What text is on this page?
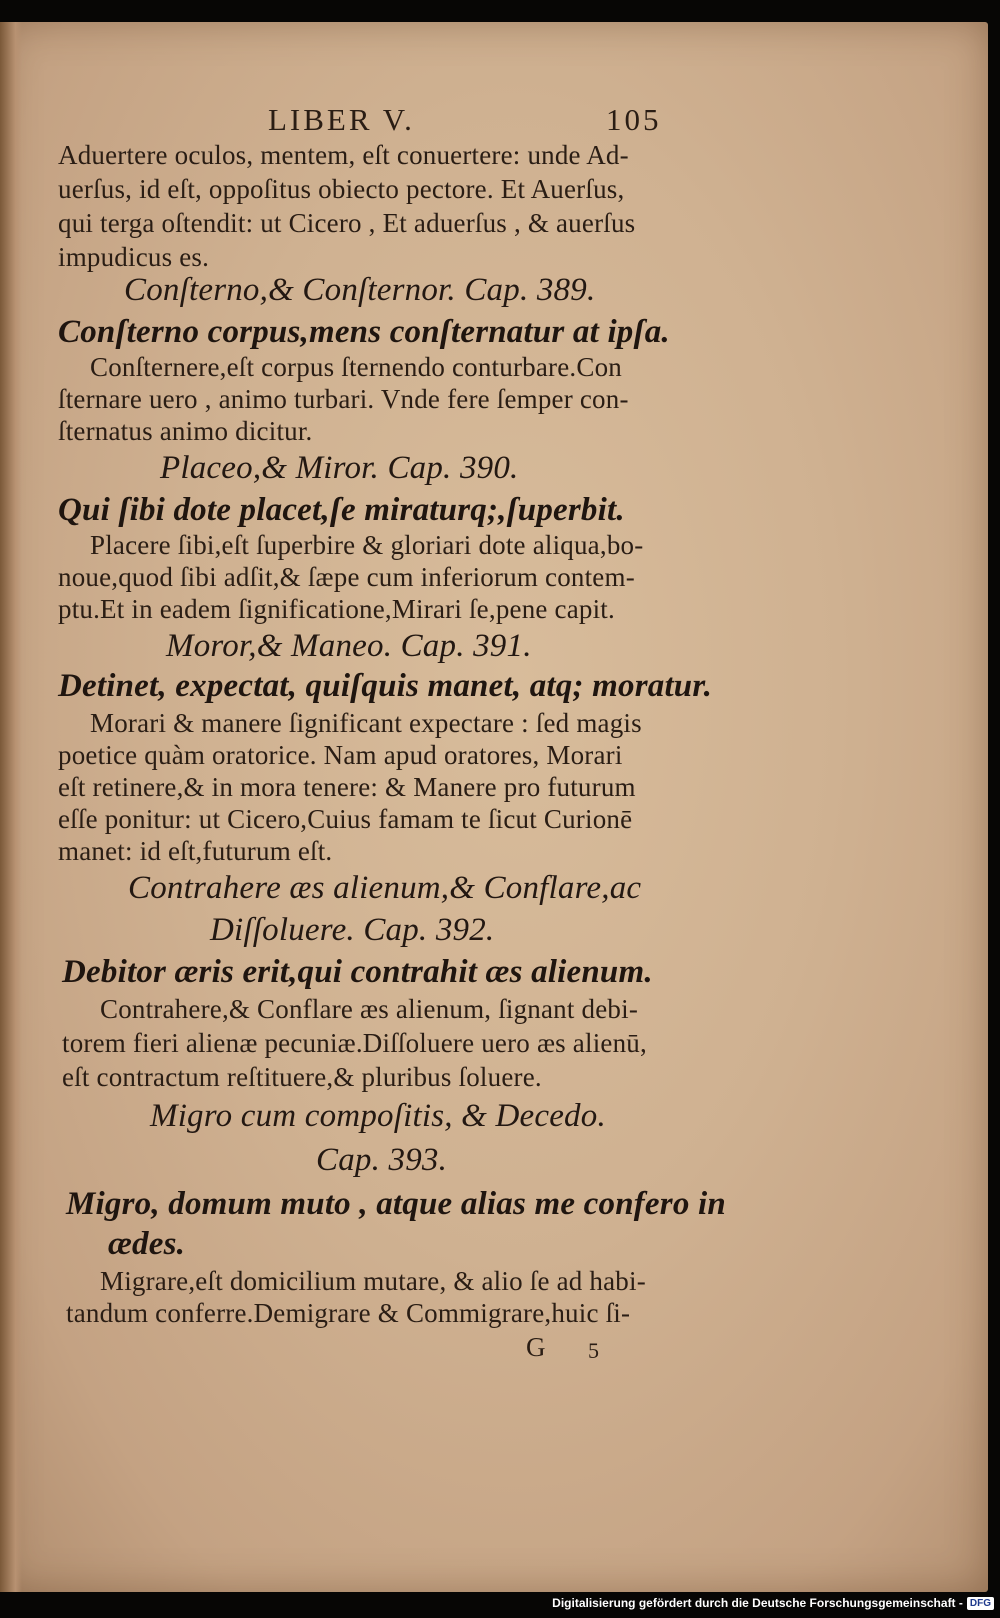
LIBER V.	105
Aduertere oculos, mentem, eſt conuertere: unde Ad-
uerſus, id eſt, oppoſitus obiecto pectore. Et Auerſus,
qui terga oſtendit: ut Cicero , Et aduerſus , & auerſus
impudicus es.
Conſterno,& Conſternor. Cap. 389.
Conſterno corpus,mens conſternatur at ipſa.
Conſternere,eſt corpus ſternendo conturbare.Con
ſternare uero , animo turbari. Vnde fere ſemper con-
ſternatus animo dicitur.
Placeo,& Miror. Cap. 390.
Qui ſibi dote placet,ſe miraturq;,ſuperbit.
Placere ſibi,eſt ſuperbire & gloriari dote aliqua,bo-
noue,quod ſibi adſit,& ſæpe cum inferiorum contem-
ptu.Et in eadem ſignificatione,Mirari ſe,pene capit.
Moror,& Maneo. Cap. 391.
Detinet, expectat, quiſquis manet, atq; moratur.
Morari & manere ſignificant expectare : ſed magis
poetice quàm oratorice. Nam apud oratores, Morari
eſt retinere,& in mora tenere: & Manere pro futurum
eſſe ponitur: ut Cicero,Cuius famam te ſicut Curionē
manet: id eſt,futurum eſt.
Contrahere æs alienum,& Conflare,ac
Diſſoluere. Cap. 392.
Debitor æris erit,qui contrahit æs alienum.
Contrahere,& Conflare æs alienum, ſignant debi-
torem fieri alienæ pecuniæ.Diſſoluere uero æs alienū,
eſt contractum reſtituere,& pluribus ſoluere.
Migro cum compoſitis, & Decedo.
Cap. 393.
Migro, domum muto , atque alias me confero in
ædes.
Migrare,eſt domicilium mutare, & alio ſe ad habi-
tandum conferre.Demigrare & Commigrare,huic ſi-
G 5
Digitalisierung gefördert durch die Deutsche Forschungsgemeinschaft - DFG
